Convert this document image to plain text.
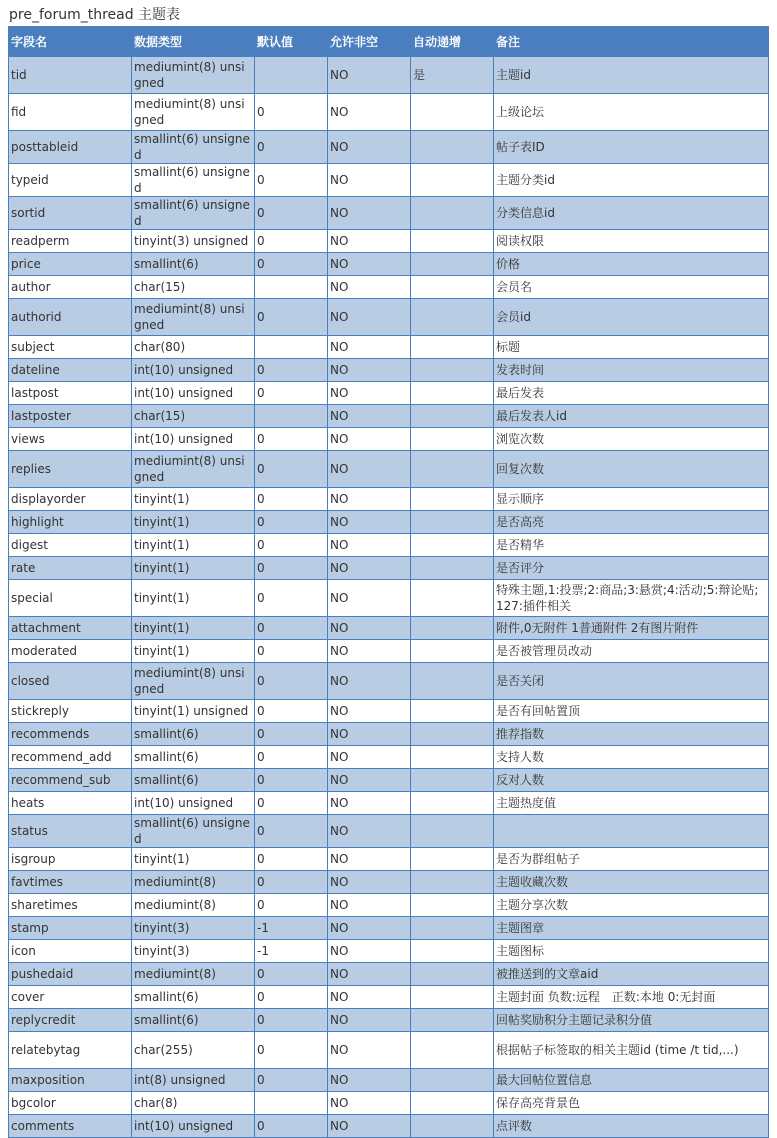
pre_forum_thread 主题表
字段名	数据类型	默认值	允许非空	自动递增	备注
tid	mediumint(8) unsigned		NO	是	主题id
fid	mediumint(8) unsigned	0	NO		上级论坛
posttableid	smallint(6) unsigned	0	NO		帖子表ID
typeid	smallint(6) unsigned	0	NO		主题分类id
sortid	smallint(6) unsigned	0	NO		分类信息id
readperm	tinyint(3) unsigned	0	NO		阅读权限
price	smallint(6)	0	NO		价格
author	char(15)		NO		会员名
authorid	mediumint(8) unsigned	0	NO		会员id
subject	char(80)		NO		标题
dateline	int(10) unsigned	0	NO		发表时间
lastpost	int(10) unsigned	0	NO		最后发表
lastposter	char(15)		NO		最后发表人id
views	int(10) unsigned	0	NO		浏览次数
replies	mediumint(8) unsigned	0	NO		回复次数
displayorder	tinyint(1)	0	NO		显示顺序
highlight	tinyint(1)	0	NO		是否高亮
digest	tinyint(1)	0	NO		是否精华
rate	tinyint(1)	0	NO		是否评分
special	tinyint(1)	0	NO		特殊主题,1:投票;2:商品;3:悬赏;4:活动;5:辩论贴;127:插件相关
attachment	tinyint(1)	0	NO		附件,0无附件 1普通附件 2有图片附件
moderated	tinyint(1)	0	NO		是否被管理员改动
closed	mediumint(8) unsigned	0	NO		是否关闭
stickreply	tinyint(1) unsigned	0	NO		是否有回帖置顶
recommends	smallint(6)	0	NO		推荐指数
recommend_add	smallint(6)	0	NO		支持人数
recommend_sub	smallint(6)	0	NO		反对人数
heats	int(10) unsigned	0	NO		主题热度值
status	smallint(6) unsigned	0	NO		
isgroup	tinyint(1)	0	NO		是否为群组帖子
favtimes	mediumint(8)	0	NO		主题收藏次数
sharetimes	mediumint(8)	0	NO		主题分享次数
stamp	tinyint(3)	-1	NO		主题图章
icon	tinyint(3)	-1	NO		主题图标
pushedaid	mediumint(8)	0	NO		被推送到的文章aid
cover	smallint(6)	0	NO		主题封面 负数:远程　正数:本地 0:无封面
replycredit	smallint(6)	0	NO		回帖奖励积分主题记录积分值
relatebytag	char(255)	0	NO		根据帖子标签取的相关主题id (time /t tid,...)
maxposition	int(8) unsigned	0	NO		最大回帖位置信息
bgcolor	char(8)		NO		保存高亮背景色
comments	int(10) unsigned	0	NO		点评数
